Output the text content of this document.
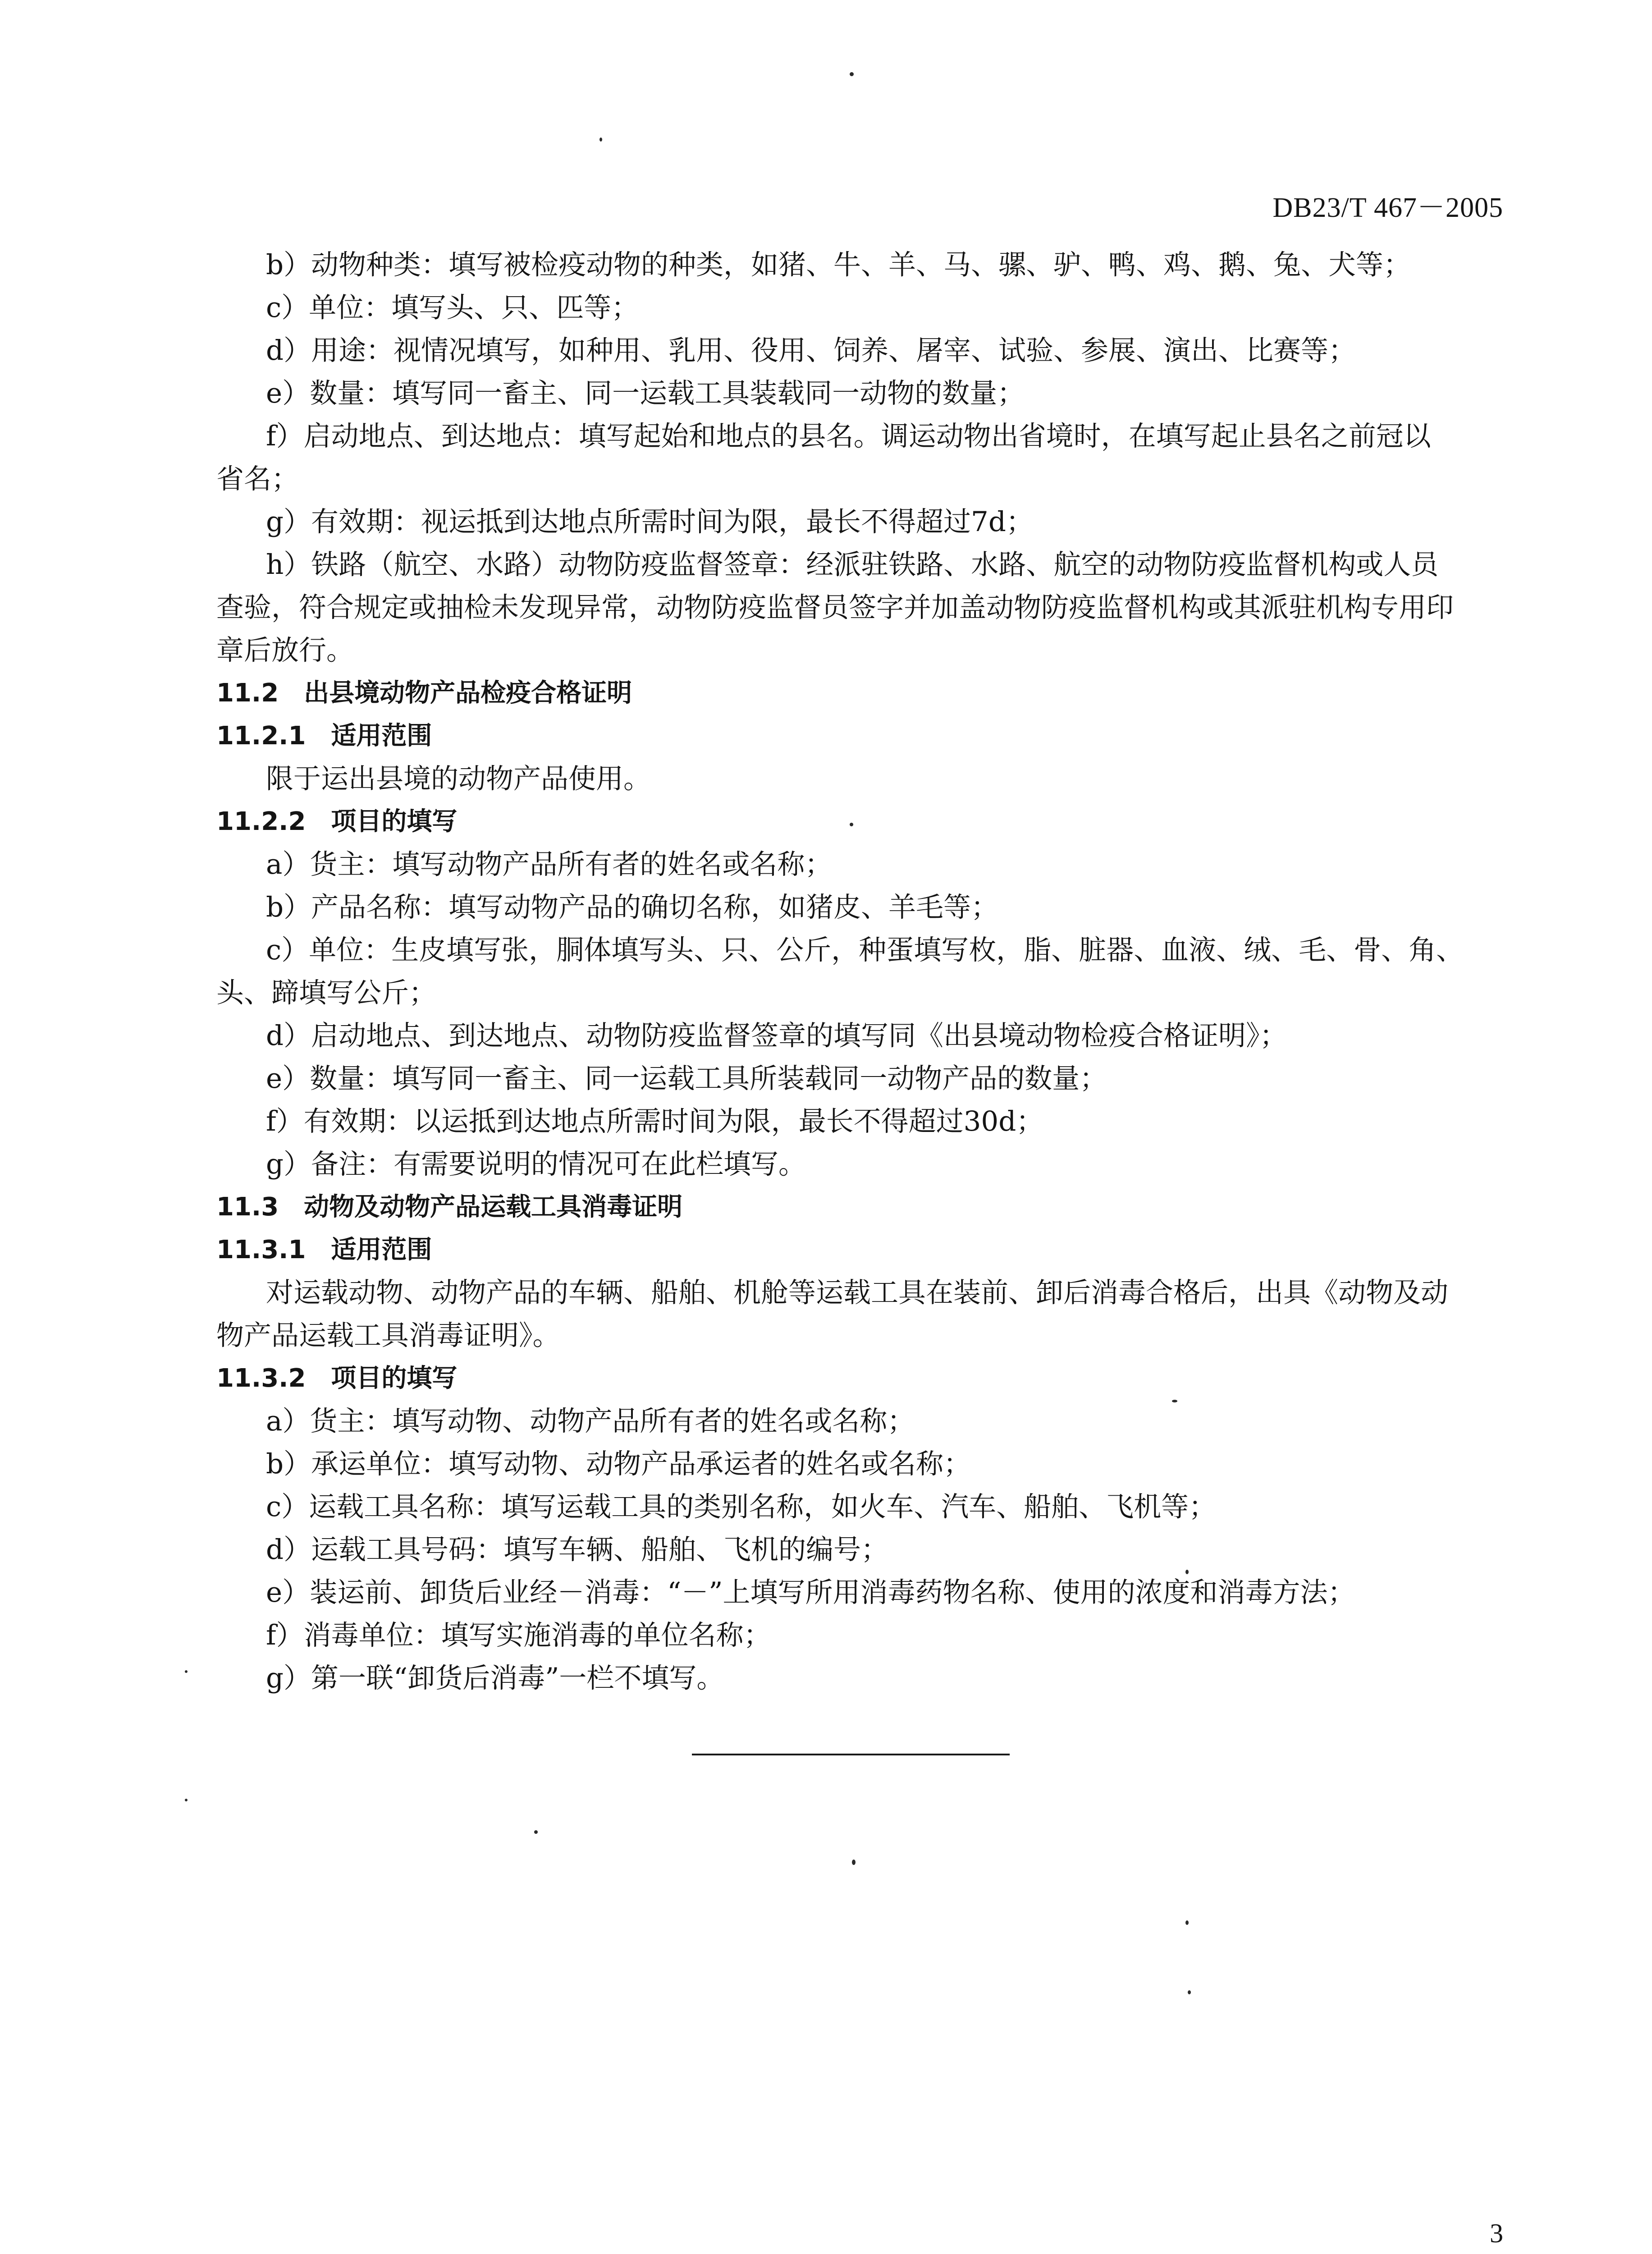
DB23/T 467－2005
b）动物种类：填写被检疫动物的种类，如猪、牛、羊、马、骡、驴、鸭、鸡、鹅、兔、犬等；
c）单位：填写头、只、匹等；
d）用途：视情况填写，如种用、乳用、役用、饲养、屠宰、试验、参展、演出、比赛等；
e）数量：填写同一畜主、同一运载工具装载同一动物的数量；
f）启动地点、到达地点：填写起始和地点的县名。调运动物出省境时，在填写起止县名之前冠以
省名；
g）有效期：视运抵到达地点所需时间为限，最长不得超过7d；
h）铁路（航空、水路）动物防疫监督签章：经派驻铁路、水路、航空的动物防疫监督机构或人员
查验，符合规定或抽检未发现异常，动物防疫监督员签字并加盖动物防疫监督机构或其派驻机构专用印
章后放行。
11.2　出县境动物产品检疫合格证明
11.2.1　适用范围
限于运出县境的动物产品使用。
11.2.2　项目的填写
a）货主：填写动物产品所有者的姓名或名称；
b）产品名称：填写动物产品的确切名称，如猪皮、羊毛等；
c）单位：生皮填写张，胴体填写头、只、公斤，种蛋填写枚，脂、脏器、血液、绒、毛、骨、角、
头、蹄填写公斤；
d）启动地点、到达地点、动物防疫监督签章的填写同《出县境动物检疫合格证明》；
e）数量：填写同一畜主、同一运载工具所装载同一动物产品的数量；
f）有效期：以运抵到达地点所需时间为限，最长不得超过30d；
g）备注：有需要说明的情况可在此栏填写。
11.3　动物及动物产品运载工具消毒证明
11.3.1　适用范围
对运载动物、动物产品的车辆、船舶、机舱等运载工具在装前、卸后消毒合格后，出具《动物及动
物产品运载工具消毒证明》。
11.3.2　项目的填写
a）货主：填写动物、动物产品所有者的姓名或名称；
b）承运单位：填写动物、动物产品承运者的姓名或名称；
c）运载工具名称：填写运载工具的类别名称，如火车、汽车、船舶、飞机等；
d）运载工具号码：填写车辆、船舶、飞机的编号；
e）装运前、卸货后业经－消毒：“－”上填写所用消毒药物名称、使用的浓度和消毒方法；
f）消毒单位：填写实施消毒的单位名称；
g）第一联“卸货后消毒”一栏不填写。
3
